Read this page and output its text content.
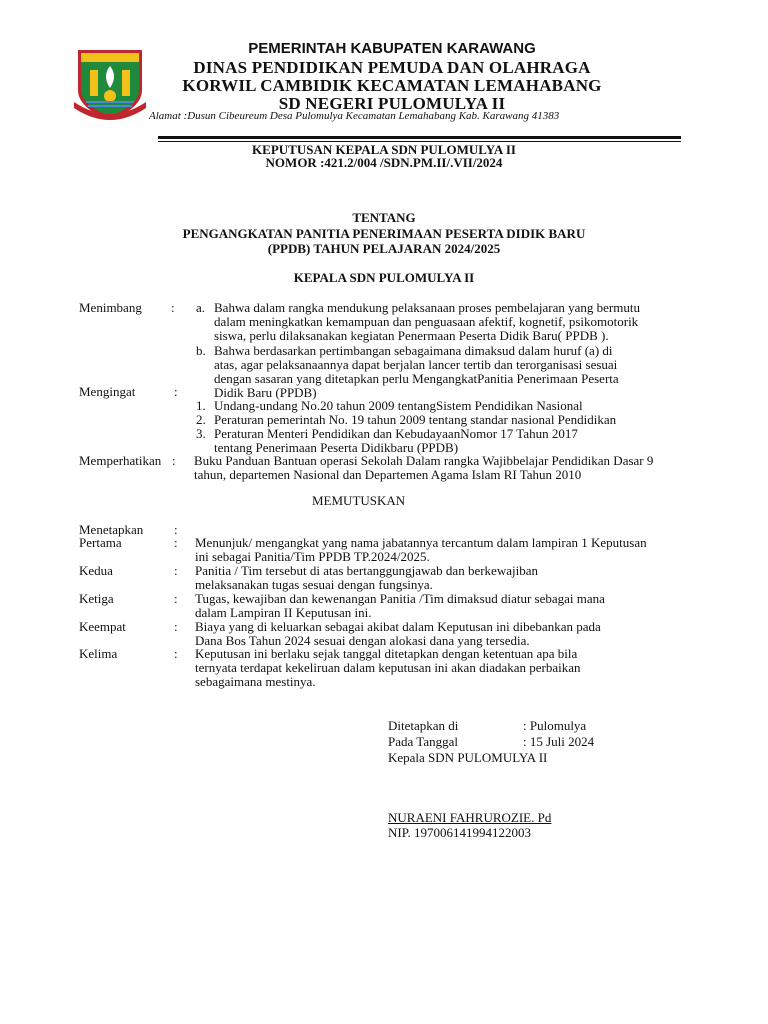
PEMERINTAH KABUPATEN KARAWANG
DINAS PENDIDIKAN PEMUDA DAN OLAHRAGA
KORWIL CAMBIDIK KECAMATAN LEMAHABANG
SD NEGERI PULOMULYA II
Alamat :Dusun Cibeureum Desa Pulomulya Kecamatan Lemahabang Kab. Karawang 41383
KEPUTUSAN KEPALA SDN PULOMULYA II
NOMOR :421.2/004 /SDN.PM.II/.VII/2024
TENTANG
PENGANGKATAN PANITIA PENERIMAAN PESERTA DIDIK BARU
(PPDB) TAHUN PELAJARAN 2024/2025
KEPALA SDN PULOMULYA II
Menimbang : a. Bahwa dalam rangka mendukung pelaksanaan proses pembelajaran yang bermutu
dalam meningkatkan kemampuan dan penguasaan afektif, kognetif, psikomotorik
siswa, perlu dilaksanakan kegiatan Penermaan Peserta Didik Baru( PPDB ).
b. Bahwa berdasarkan pertimbangan sebagaimana dimaksud dalam huruf (a) di
atas, agar pelaksanaannya dapat berjalan lancer tertib dan terorganisasi sesuai
dengan sasaran yang ditetapkan perlu MengangkatPanitia Penerimaan Peserta
Didik Baru (PPDB)
Mengingat	:
1. Undang-undang No.20 tahun 2009 tentangSistem Pendidikan Nasional
2. Peraturan pemerintah No. 19 tahun 2009 tentang standar nasional Pendidikan
3. Peraturan Menteri Pendidikan dan KebudayaanNomor 17 Tahun 2017
tentang Penerimaan Peserta Didikbaru (PPDB)
Memperhatikan : Buku Panduan Bantuan operasi Sekolah Dalam rangka Wajibbelajar Pendidikan Dasar 9
tahun, departemen Nasional dan Departemen Agama Islam RI Tahun 2010
MEMUTUSKAN
Menetapkan :
Pertama	: Menunjuk/ mengangkat yang nama jabatannya tercantum dalam lampiran 1 Keputusan
ini sebagai Panitia/Tim PPDB TP.2024/2025.
Kedua	: Panitia / Tim tersebut di atas bertanggungjawab dan berkewajiban
melaksanakan tugas sesuai dengan fungsinya.
Ketiga	: Tugas, kewajiban dan kewenangan Panitia /Tim dimaksud diatur sebagai mana
dalam Lampiran II Keputusan ini.
Keempat	: Biaya yang di keluarkan sebagai akibat dalam Keputusan ini dibebankan pada
Dana Bos Tahun 2024 sesuai dengan alokasi dana yang tersedia.
Kelima	: Keputusan ini berlaku sejak tanggal ditetapkan dengan ketentuan apa bila
ternyata terdapat kekeliruan dalam keputusan ini akan diadakan perbaikan
sebagaimana mestinya.
Ditetapkan di	: Pulomulya
Pada Tanggal	: 15 Juli 2024
Kepala SDN PULOMULYA II
NURAENI FAHRUROZIE. Pd
NIP. 197006141994122003
